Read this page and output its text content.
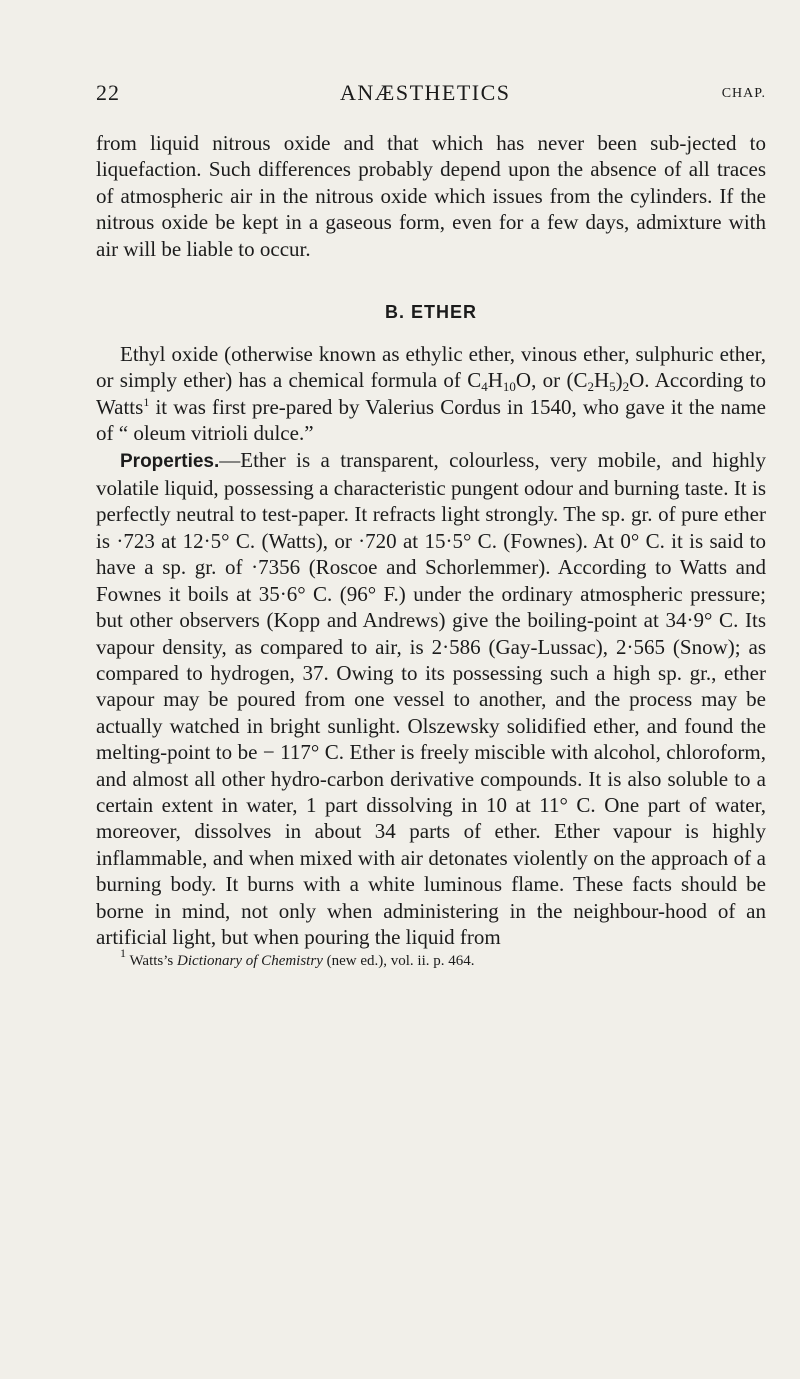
22	ANÆSTHETICS	CHAP.

from liquid nitrous oxide and that which has never been sub-jected to liquefaction. Such differences probably depend upon the absence of all traces of atmospheric air in the nitrous oxide which issues from the cylinders. If the nitrous oxide be kept in a gaseous form, even for a few days, admixture with air will be liable to occur.

B. ETHER

Ethyl oxide (otherwise known as ethylic ether, vinous ether, sulphuric ether, or simply ether) has a chemical formula of $C_4H_{10}O$, or $(C_2H_5)_2O$. According to Watts$^1$ it was first pre-pared by Valerius Cordus in 1540, who gave it the name of “ oleum vitrioli dulce.”

Properties.—Ether is a transparent, colourless, very mobile, and highly volatile liquid, possessing a characteristic pungent odour and burning taste. It is perfectly neutral to test-paper. It refracts light strongly. The sp. gr. of pure ether is ·723 at 12·5° C. (Watts), or ·720 at 15·5° C. (Fownes). At 0° C. it is said to have a sp. gr. of ·7356 (Roscoe and Schorlemmer). According to Watts and Fownes it boils at 35·6° C. (96° F.) under the ordinary atmospheric pressure; but other observers (Kopp and Andrews) give the boiling-point at 34·9° C. Its vapour density, as compared to air, is 2·586 (Gay-Lussac), 2·565 (Snow); as compared to hydrogen, 37. Owing to its possessing such a high sp. gr., ether vapour may be poured from one vessel to another, and the process may be actually watched in bright sunlight. Olszewsky solidified ether, and found the melting-point to be − 117° C. Ether is freely miscible with alcohol, chloroform, and almost all other hydro-carbon derivative compounds. It is also soluble to a certain extent in water, 1 part dissolving in 10 at 11° C. One part of water, moreover, dissolves in about 34 parts of ether. Ether vapour is highly inflammable, and when mixed with air detonates violently on the approach of a burning body. It burns with a white luminous flame. These facts should be borne in mind, not only when administering in the neighbour-hood of an artificial light, but when pouring the liquid from

$^1$ Watts’s Dictionary of Chemistry (new ed.), vol. ii. p. 464.
